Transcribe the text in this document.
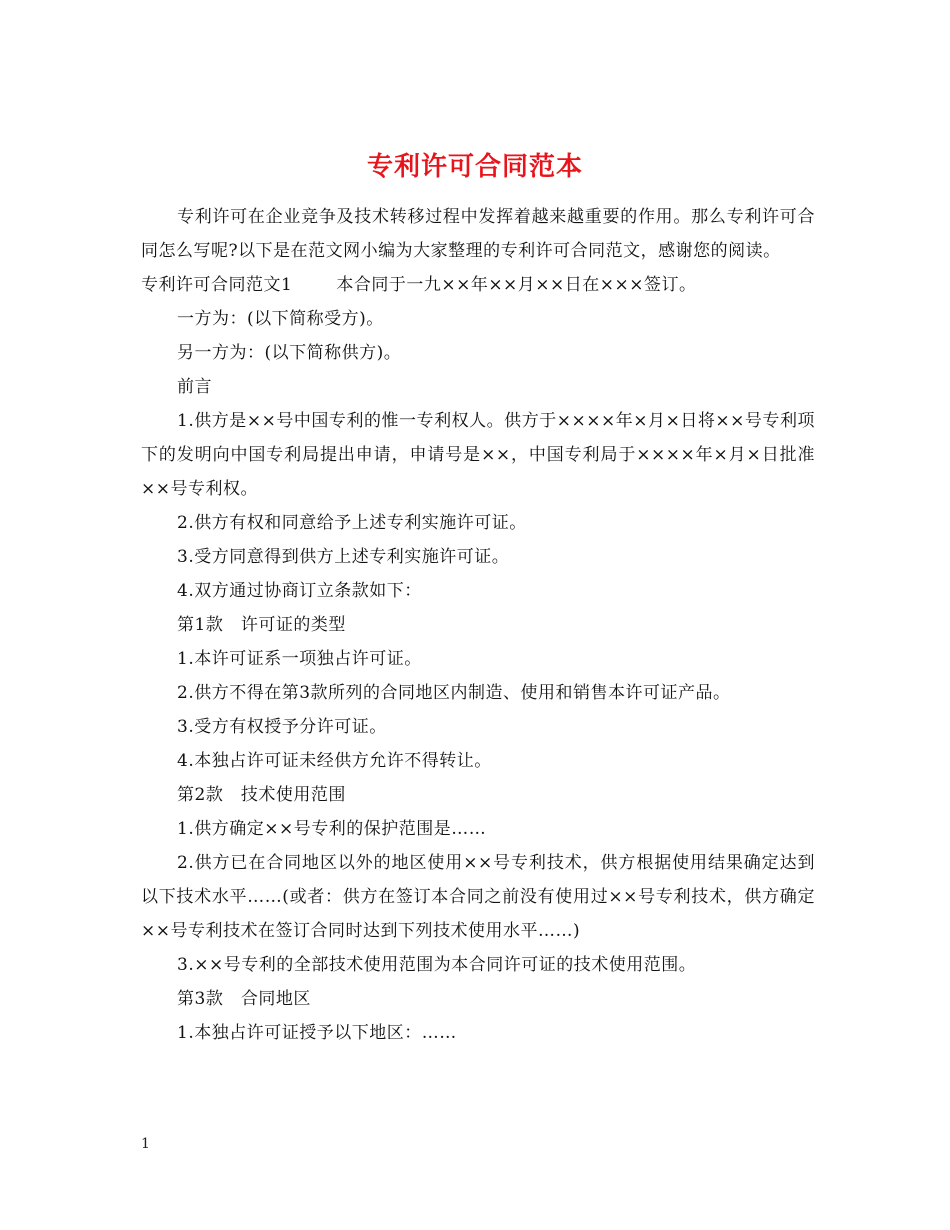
专利许可合同范本

专利许可在企业竞争及技术转移过程中发挥着越来越重要的作用。那么专利许可合同怎么写呢?以下是在范文网小编为大家整理的专利许可合同范文，感谢您的阅读。

专利许可合同范文1	本合同于一九××年××月××日在×××签订。

一方为：(以下简称受方)。

另一方为：(以下简称供方)。

前言

1.供方是××号中国专利的惟一专利权人。供方于××××年×月×日将××号专利项下的发明向中国专利局提出申请，申请号是××，中国专利局于××××年×月×日批准××号专利权。

2.供方有权和同意给予上述专利实施许可证。

3.受方同意得到供方上述专利实施许可证。

4.双方通过协商订立条款如下：

第1款　许可证的类型

1.本许可证系一项独占许可证。

2.供方不得在第3款所列的合同地区内制造、使用和销售本许可证产品。

3.受方有权授予分许可证。

4.本独占许可证未经供方允许不得转让。

第2款　技术使用范围

1.供方确定××号专利的保护范围是……

2.供方已在合同地区以外的地区使用××号专利技术，供方根据使用结果确定达到以下技术水平……(或者：供方在签订本合同之前没有使用过××号专利技术，供方确定××号专利技术在签订合同时达到下列技术使用水平……)

3.××号专利的全部技术使用范围为本合同许可证的技术使用范围。

第3款　合同地区

1.本独占许可证授予以下地区：……

1
